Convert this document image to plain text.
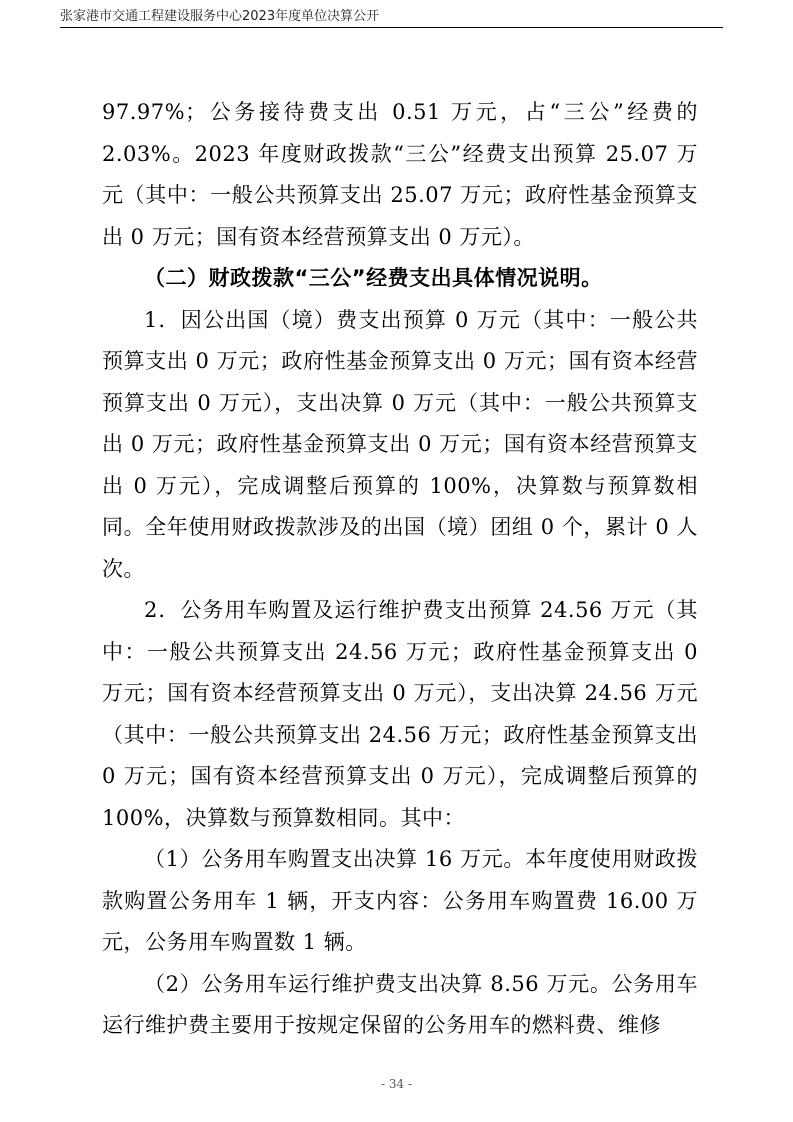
张家港市交通工程建设服务中心2023年度单位决算公开

97.97%；公务接待费支出 0.51 万元，占“三公”经费的 2.03%。2023 年度财政拨款“三公”经费支出预算 25.07 万元（其中：一般公共预算支出 25.07 万元；政府性基金预算支出 0 万元；国有资本经营预算支出 0 万元）。

（二）财政拨款“三公”经费支出具体情况说明。

1．因公出国（境）费支出预算 0 万元（其中：一般公共预算支出 0 万元；政府性基金预算支出 0 万元；国有资本经营预算支出 0 万元），支出决算 0 万元（其中：一般公共预算支出 0 万元；政府性基金预算支出 0 万元；国有资本经营预算支出 0 万元），完成调整后预算的 100%，决算数与预算数相同。全年使用财政拨款涉及的出国（境）团组 0 个，累计 0 人次。

2．公务用车购置及运行维护费支出预算 24.56 万元（其中：一般公共预算支出 24.56 万元；政府性基金预算支出 0 万元；国有资本经营预算支出 0 万元），支出决算 24.56 万元（其中：一般公共预算支出 24.56 万元；政府性基金预算支出 0 万元；国有资本经营预算支出 0 万元），完成调整后预算的 100%，决算数与预算数相同。其中：

（1）公务用车购置支出决算 16 万元。本年度使用财政拨款购置公务用车 1 辆，开支内容：公务用车购置费 16.00 万元，公务用车购置数 1 辆。

（2）公务用车运行维护费支出决算 8.56 万元。公务用车运行维护费主要用于按规定保留的公务用车的燃料费、维修

- 34 -
